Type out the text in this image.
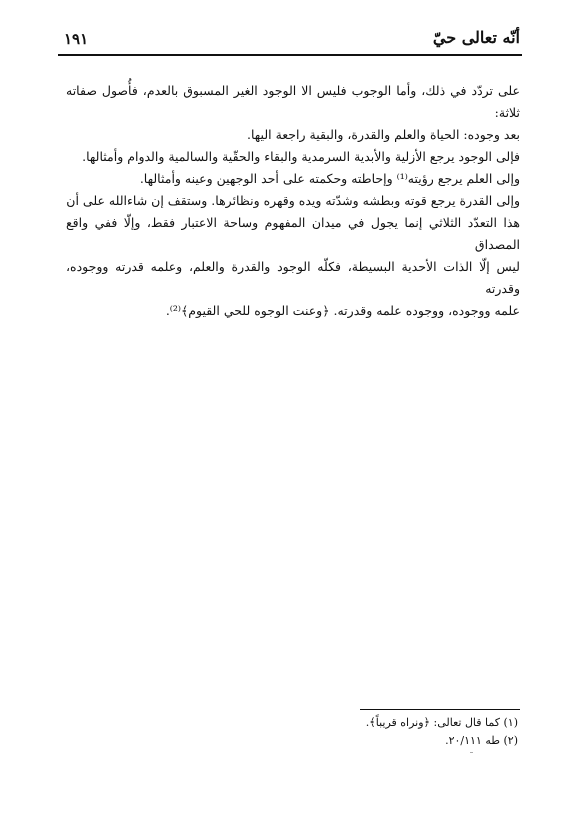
أنّه تعالى حيّ
١٩١

على تردّد في ذلك، وأما الوجوب فليس الا الوجود الغير المسبوق بالعدم، فأُصول صفاته ثلاثة:
بعد وجوده: الحياة والعلم والقدرة، والبقية راجعة اليها.

فإلى الوجود يرجع الأزلية والأبدية السرمدية والبقاء والحقّية والسالمية والدوام وأمثالها.

وإلى العلم يرجع رؤيته⁽¹⁾ وإحاطته وحكمته على أحد الوجهين وعينه وأمثالها.

وإلى القدرة يرجع قوته وبطشه وشدّته ويده وقهره ونظائرها. وستقف إن شاءالله على أن
هذا التعدّد الثلاثي إنما يجول في ميدان المفهوم وساحة الاعتبار فقط، وإلّا ففي واقع المصداق
ليس إلّا الذات الأحدية البسيطة، فكلّه الوجود والقدرة والعلم، وعلمه قدرته ووجوده، وقدرته
علمه ووجوده، ووجوده علمه وقدرته. ﴿وعنت الوجوه للحي القيوم﴾⁽²⁾.

(١) كما قال تعالى: ﴿ونراه قريباً﴾.

(٢) طه ٢٠/١١١.
